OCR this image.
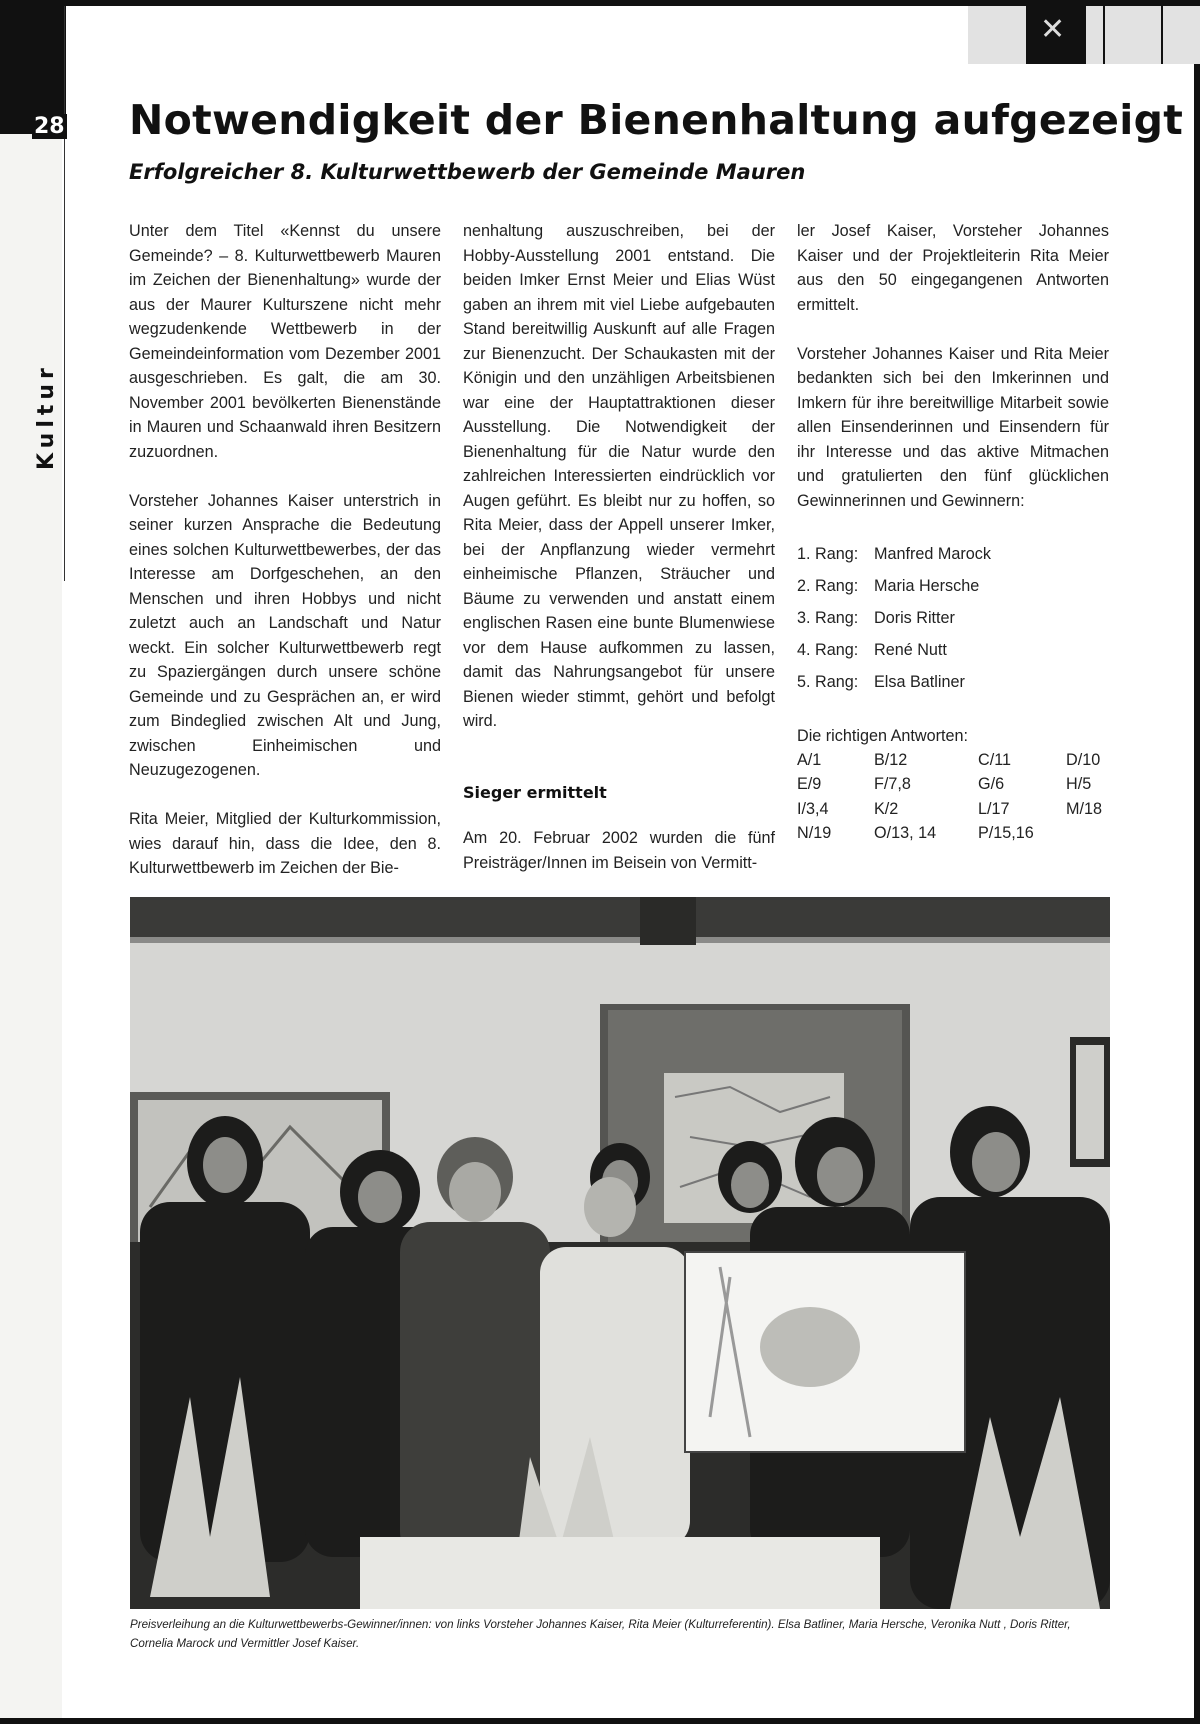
28
✕
Notwendigkeit der Bienenhaltung aufgezeigt
Erfolgreicher 8. Kulturwettbewerb der Gemeinde Mauren

Unter dem Titel «Kennst du unsere Gemeinde? – 8. Kulturwettbewerb Mauren im Zeichen der Bienenhaltung» wurde der aus der Maurer Kulturszene nicht mehr wegzudenkende Wettbewerb in der Gemeindeinformation vom Dezember 2001 ausgeschrieben. Es galt, die am 30. November 2001 bevölkerten Bienenstände in Mauren und Schaanwald ihren Besitzern zuzuordnen.

Vorsteher Johannes Kaiser unterstrich in seiner kurzen Ansprache die Bedeutung eines solchen Kulturwettbewerbes, der das Interesse am Dorfgeschehen, an den Menschen und ihren Hobbys und nicht zuletzt auch an Landschaft und Natur weckt. Ein solcher Kulturwettbewerb regt zu Spaziergängen durch unsere schöne Gemeinde und zu Gesprächen an, er wird zum Bindeglied zwischen Alt und Jung, zwischen Einheimischen und Neuzugezogenen.

Rita Meier, Mitglied der Kulturkommission, wies darauf hin, dass die Idee, den 8. Kulturwettbewerb im Zeichen der Bie-

nenhaltung auszuschreiben, bei der Hobby-Ausstellung 2001 entstand. Die beiden Imker Ernst Meier und Elias Wüst gaben an ihrem mit viel Liebe aufgebauten Stand bereitwillig Auskunft auf alle Fragen zur Bienenzucht. Der Schaukasten mit der Königin und den unzähligen Arbeitsbienen war eine der Hauptattraktionen dieser Ausstellung. Die Notwendigkeit der Bienenhaltung für die Natur wurde den zahlreichen Interessierten eindrücklich vor Augen geführt. Es bleibt nur zu hoffen, so Rita Meier, dass der Appell unserer Imker, bei der Anpflanzung wieder vermehrt einheimische Pflanzen, Sträucher und Bäume zu verwenden und anstatt einem englischen Rasen eine bunte Blumenwiese vor dem Hause aufkommen zu lassen, damit das Nahrungsangebot für unsere Bienen wieder stimmt, gehört und befolgt wird.

Sieger ermittelt

Am 20. Februar 2002 wurden die fünf Preisträger/Innen im Beisein von Vermitt-

ler Josef Kaiser, Vorsteher Johannes Kaiser und der Projektleiterin Rita Meier aus den 50 eingegangenen Antworten ermittelt.

Vorsteher Johannes Kaiser und Rita Meier bedankten sich bei den Imkerinnen und Imkern für ihre bereitwillige Mitarbeit sowie allen Einsenderinnen und Einsendern für ihr Interesse und das aktive Mitmachen und gratulierten den fünf glücklichen Gewinnerinnen und Gewinnern:

1. Rang: Manfred Marock
2. Rang: Maria Hersche
3. Rang: Doris Ritter
4. Rang: René Nutt
5. Rang: Elsa Batliner
Die richtigen Antworten:
A/1	B/12	C/11	D/10
E/9	F/7,8	G/6	H/5
I/3,4	K/2	L/17	M/18
N/19	O/13, 14	P/15,16
Preisverleihung an die Kulturwettbewerbs-Gewinner/innen: von links Vorsteher Johannes Kaiser, Rita Meier (Kulturreferentin). Elsa Batliner, Maria Hersche, Veronika Nutt , Doris Ritter, Cornelia Marock und Vermittler Josef Kaiser.
